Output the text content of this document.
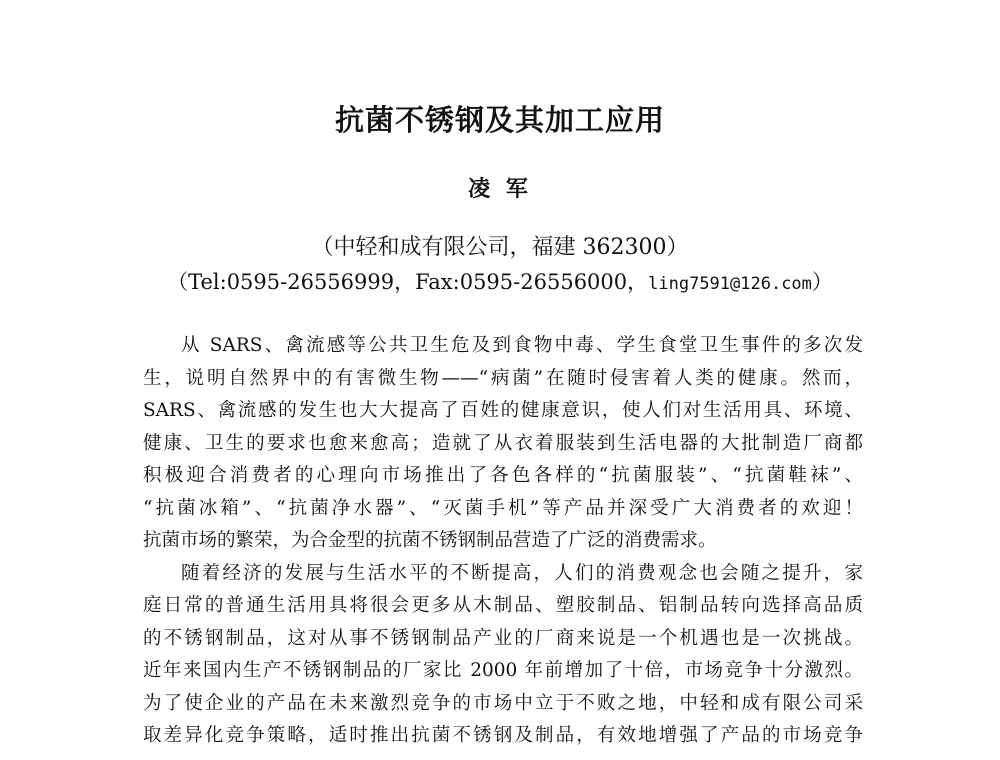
抗菌不锈钢及其加工应用
凌 军
（中轻和成有限公司，福建 362300）
（Tel:0595-26556999，Fax:0595-26556000，ling7591@126.com）
从 SARS、禽流感等公共卫生危及到食物中毒、学生食堂卫生事件的多次发
生，说明自然界中的有害微生物——“病菌”在随时侵害着人类的健康。然而，
SARS、禽流感的发生也大大提高了百姓的健康意识，使人们对生活用具、环境、
健康、卫生的要求也愈来愈高；造就了从衣着服装到生活电器的大批制造厂商都
积极迎合消费者的心理向市场推出了各色各样的“抗菌服装”、“抗菌鞋袜”、
“抗菌冰箱”、“抗菌净水器”、“灭菌手机”等产品并深受广大消费者的欢迎！
抗菌市场的繁荣，为合金型的抗菌不锈钢制品营造了广泛的消费需求。
随着经济的发展与生活水平的不断提高，人们的消费观念也会随之提升，家
庭日常的普通生活用具将很会更多从木制品、塑胶制品、铝制品转向选择高品质
的不锈钢制品，这对从事不锈钢制品产业的厂商来说是一个机遇也是一次挑战。
近年来国内生产不锈钢制品的厂家比 2000 年前增加了十倍，市场竞争十分激烈。
为了使企业的产品在未来激烈竞争的市场中立于不败之地，中轻和成有限公司采
取差异化竞争策略，适时推出抗菌不锈钢及制品，有效地增强了产品的市场竞争
